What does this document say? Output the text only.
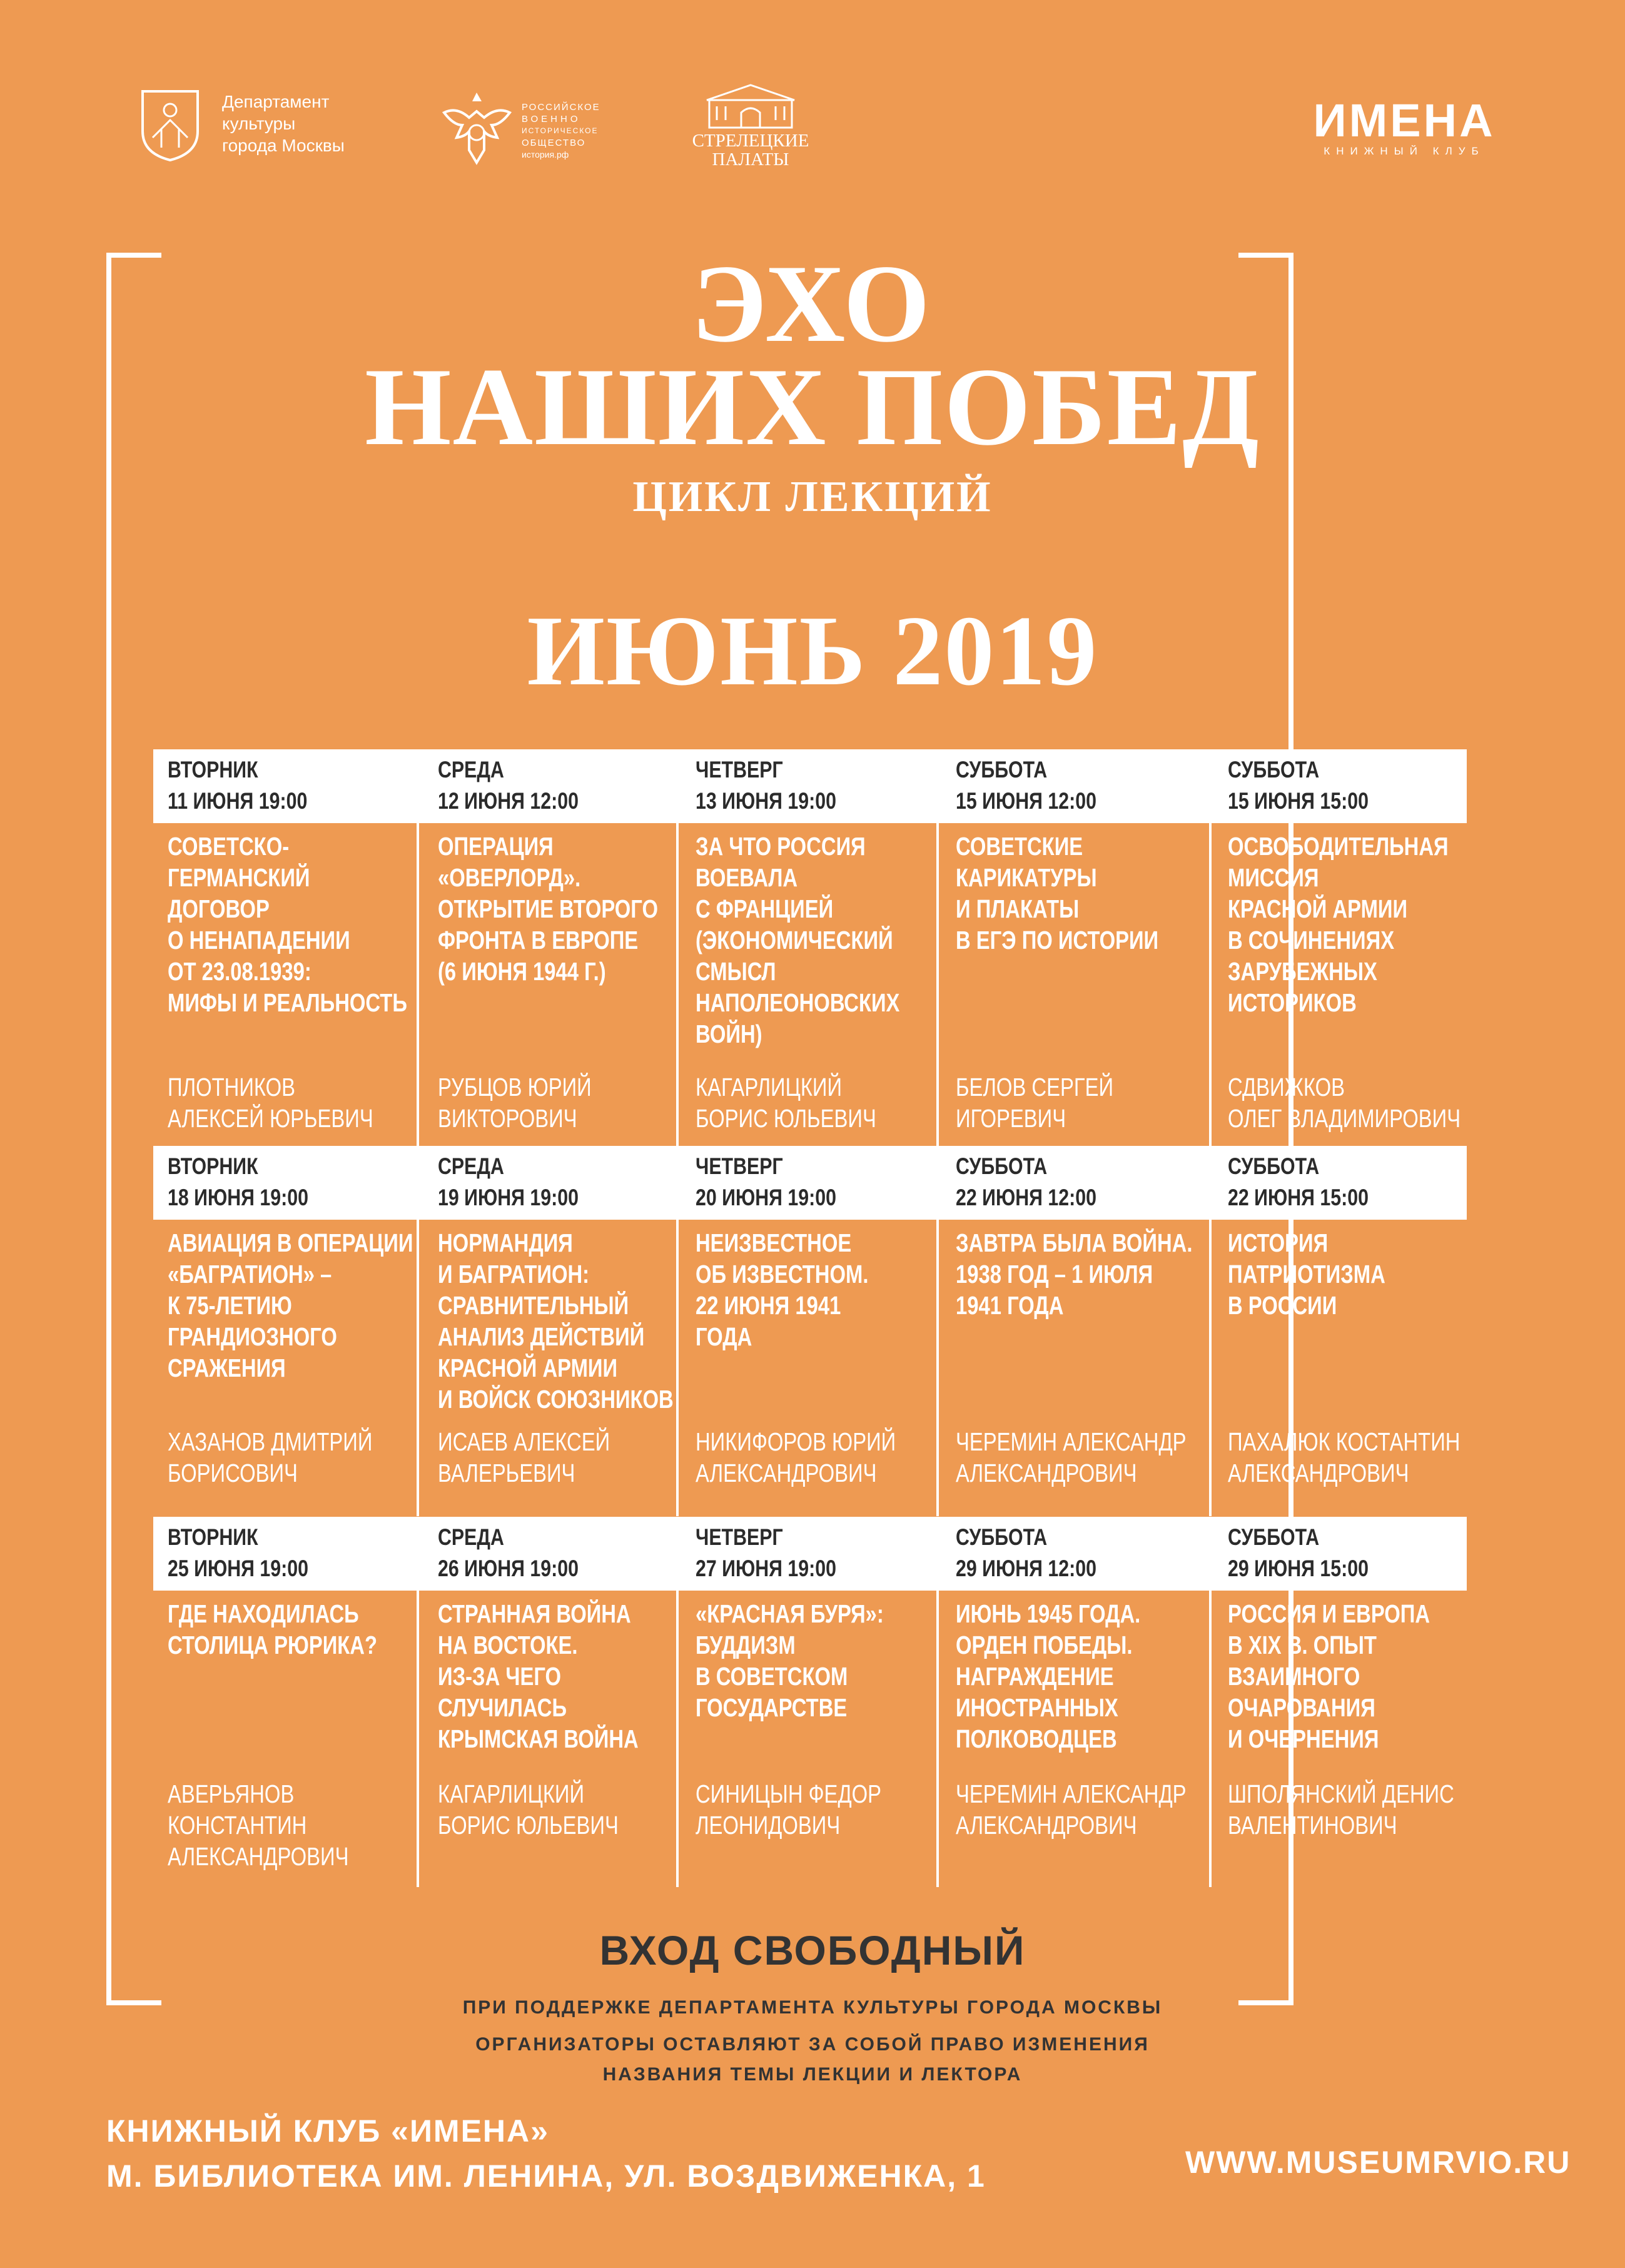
Департамент
культуры
города Москвы
РОССИЙСКОЕ
ВОЕННО
ИСТОРИЧЕСКОЕ
ОБЩЕСТВО
история.рф
СТРЕЛЕЦКИЕ
ПАЛАТЫ
ИМЕНА
КНИЖНЫЙ КЛУБ
ЭХО
НАШИХ ПОБЕД
ЦИКЛ ЛЕКЦИЙ
ИЮНЬ 2019
ВТОРНИК
11 ИЮНЯ 19:00
СОВЕТСКО-
ГЕРМАНСКИЙ
ДОГОВОР
О НЕНАПАДЕНИИ
ОТ 23.08.1939:
МИФЫ И РЕАЛЬНОСТЬ
ПЛОТНИКОВ
АЛЕКСЕЙ ЮРЬЕВИЧ
СРЕДА
12 ИЮНЯ 12:00
ОПЕРАЦИЯ
«ОВЕРЛОРД».
ОТКРЫТИЕ ВТОРОГО
ФРОНТА В ЕВРОПЕ
(6 ИЮНЯ 1944 Г.)
РУБЦОВ ЮРИЙ
ВИКТОРОВИЧ
ЧЕТВЕРГ
13 ИЮНЯ 19:00
ЗА ЧТО РОССИЯ
ВОЕВАЛА
С ФРАНЦИЕЙ
(ЭКОНОМИЧЕСКИЙ
СМЫСЛ
НАПОЛЕОНОВСКИХ
ВОЙН)
КАГАРЛИЦКИЙ
БОРИС ЮЛЬЕВИЧ
СУББОТА
15 ИЮНЯ 12:00
СОВЕТСКИЕ
КАРИКАТУРЫ
И ПЛАКАТЫ
В ЕГЭ ПО ИСТОРИИ
БЕЛОВ СЕРГЕЙ
ИГОРЕВИЧ
СУББОТА
15 ИЮНЯ 15:00
ОСВОБОДИТЕЛЬНАЯ
МИССИЯ
КРАСНОЙ АРМИИ
В СОЧИНЕНИЯХ
ЗАРУБЕЖНЫХ
ИСТОРИКОВ
СДВИЖКОВ
ОЛЕГ ВЛАДИМИРОВИЧ
ВТОРНИК
18 ИЮНЯ 19:00
АВИАЦИЯ В ОПЕРАЦИИ
«БАГРАТИОН» –
К 75-ЛЕТИЮ
ГРАНДИОЗНОГО
СРАЖЕНИЯ
ХАЗАНОВ ДМИТРИЙ
БОРИСОВИЧ
СРЕДА
19 ИЮНЯ 19:00
НОРМАНДИЯ
И БАГРАТИОН:
СРАВНИТЕЛЬНЫЙ
АНАЛИЗ ДЕЙСТВИЙ
КРАСНОЙ АРМИИ
И ВОЙСК СОЮЗНИКОВ
ИСАЕВ АЛЕКСЕЙ
ВАЛЕРЬЕВИЧ
ЧЕТВЕРГ
20 ИЮНЯ 19:00
НЕИЗВЕСТНОЕ
ОБ ИЗВЕСТНОМ.
22 ИЮНЯ 1941
ГОДА
НИКИФОРОВ ЮРИЙ
АЛЕКСАНДРОВИЧ
СУББОТА
22 ИЮНЯ 12:00
ЗАВТРА БЫЛА ВОЙНА.
1938 ГОД – 1 ИЮЛЯ
1941 ГОДА
ЧЕРЕМИН АЛЕКСАНДР
АЛЕКСАНДРОВИЧ
СУББОТА
22 ИЮНЯ 15:00
ИСТОРИЯ
ПАТРИОТИЗМА
В РОССИИ
ПАХАЛЮК КОСТАНТИН
АЛЕКСАНДРОВИЧ
ВТОРНИК
25 ИЮНЯ 19:00
ГДЕ НАХОДИЛАСЬ
СТОЛИЦА РЮРИКА?
АВЕРЬЯНОВ КОНСТАНТИН
АЛЕКСАНДРОВИЧ
СРЕДА
26 ИЮНЯ 19:00
СТРАННАЯ ВОЙНА
НА ВОСТОКЕ.
ИЗ-ЗА ЧЕГО
СЛУЧИЛАСЬ
КРЫМСКАЯ ВОЙНА
КАГАРЛИЦКИЙ
БОРИС ЮЛЬЕВИЧ
ЧЕТВЕРГ
27 ИЮНЯ 19:00
«КРАСНАЯ БУРЯ»:
БУДДИЗМ
В СОВЕТСКОМ
ГОСУДАРСТВЕ
СИНИЦЫН ФЕДОР
ЛЕОНИДОВИЧ
СУББОТА
29 ИЮНЯ 12:00
ИЮНЬ 1945 ГОДА.
ОРДЕН ПОБЕДЫ.
НАГРАЖДЕНИЕ
ИНОСТРАННЫХ
ПОЛКОВОДЦЕВ
ЧЕРЕМИН АЛЕКСАНДР
АЛЕКСАНДРОВИЧ
СУББОТА
29 ИЮНЯ 15:00
РОССИЯ И ЕВРОПА
В XIX В. ОПЫТ
ВЗАИМНОГО
ОЧАРОВАНИЯ
И ОЧЕРНЕНИЯ
ШПОЛЯНСКИЙ ДЕНИС
ВАЛЕНТИНОВИЧ
ВХОД СВОБОДНЫЙ
ПРИ ПОДДЕРЖКЕ ДЕПАРТАМЕНТА КУЛЬТУРЫ ГОРОДА МОСКВЫ
ОРГАНИЗАТОРЫ ОСТАВЛЯЮТ ЗА СОБОЙ ПРАВО ИЗМЕНЕНИЯ
НАЗВАНИЯ ТЕМЫ ЛЕКЦИИ И ЛЕКТОРА
КНИЖНЫЙ КЛУБ «ИМЕНА»
М. БИБЛИОТЕКА ИМ. ЛЕНИНА, УЛ. ВОЗДВИЖЕНКА, 1	WWW.MUSEUMRVIO.RU
